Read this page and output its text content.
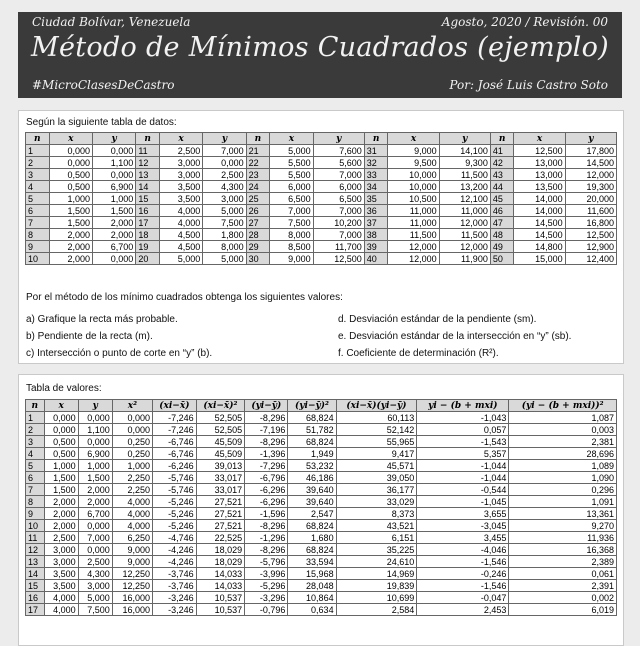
Ciudad Bolívar, Venezuela	Agosto, 2020 / Revisión. 00
Método de Mínimos Cuadrados (ejemplo)
#MicroClasesDeCastro	Por: José Luis Castro Soto
Según la siguiente tabla de datos:
n	x	y	n	x	y	n	x	y	n	x	y	n	x	y
1	0,000	0,000	11	2,500	7,000	21	5,000	7,600	31	9,000	14,100	41	12,500	17,800
2	0,000	1,100	12	3,000	0,000	22	5,500	5,600	32	9,500	9,300	42	13,000	14,500
3	0,500	0,000	13	3,000	2,500	23	5,500	7,000	33	10,000	11,500	43	13,000	12,000
4	0,500	6,900	14	3,500	4,300	24	6,000	6,000	34	10,000	13,200	44	13,500	19,300
5	1,000	1,000	15	3,500	3,000	25	6,500	6,500	35	10,500	12,100	45	14,000	20,000
6	1,500	1,500	16	4,000	5,000	26	7,000	7,000	36	11,000	11,000	46	14,000	11,600
7	1,500	2,000	17	4,000	7,500	27	7,500	10,200	37	11,000	12,000	47	14,500	16,800
8	2,000	2,000	18	4,500	1,800	28	8,000	7,000	38	11,500	11,500	48	14,500	12,500
9	2,000	6,700	19	4,500	8,000	29	8,500	11,700	39	12,000	12,000	49	14,800	12,900
10	2,000	0,000	20	5,000	5,000	30	9,000	12,500	40	12,000	11,900	50	15,000	12,400
Por el método de los mínimo cuadrados obtenga los siguientes valores:
a) Grafique la recta más probable.
b) Pendiente de la recta (m).
c) Intersección o punto de corte en “y” (b).
d. Desviación estándar de la pendiente (sm).
e. Desviación estándar de la intersección en “y” (sb).
f. Coeficiente de determinación (R²).
Tabla de valores:
n	x	y	x²	(xi−x̄)	(xi−x̄)²	(yi−ȳ)	(yi−ȳ)²	(xi−x̄)(yi−ȳ)	yi − (b + mxi)	(yi − (b + mxi))²
1	0,000	0,000	0,000	-7,246	52,505	-8,296	68,824	60,113	-1,043	1,087
2	0,000	1,100	0,000	-7,246	52,505	-7,196	51,782	52,142	0,057	0,003
3	0,500	0,000	0,250	-6,746	45,509	-8,296	68,824	55,965	-1,543	2,381
4	0,500	6,900	0,250	-6,746	45,509	-1,396	1,949	9,417	5,357	28,696
5	1,000	1,000	1,000	-6,246	39,013	-7,296	53,232	45,571	-1,044	1,089
6	1,500	1,500	2,250	-5,746	33,017	-6,796	46,186	39,050	-1,044	1,090
7	1,500	2,000	2,250	-5,746	33,017	-6,296	39,640	36,177	-0,544	0,296
8	2,000	2,000	4,000	-5,246	27,521	-6,296	39,640	33,029	-1,045	1,091
9	2,000	6,700	4,000	-5,246	27,521	-1,596	2,547	8,373	3,655	13,361
10	2,000	0,000	4,000	-5,246	27,521	-8,296	68,824	43,521	-3,045	9,270
11	2,500	7,000	6,250	-4,746	22,525	-1,296	1,680	6,151	3,455	11,936
12	3,000	0,000	9,000	-4,246	18,029	-8,296	68,824	35,225	-4,046	16,368
13	3,000	2,500	9,000	-4,246	18,029	-5,796	33,594	24,610	-1,546	2,389
14	3,500	4,300	12,250	-3,746	14,033	-3,996	15,968	14,969	-0,246	0,061
15	3,500	3,000	12,250	-3,746	14,033	-5,296	28,048	19,839	-1,546	2,391
16	4,000	5,000	16,000	-3,246	10,537	-3,296	10,864	10,699	-0,047	0,002
17	4,000	7,500	16,000	-3,246	10,537	-0,796	0,634	2,584	2,453	6,019
